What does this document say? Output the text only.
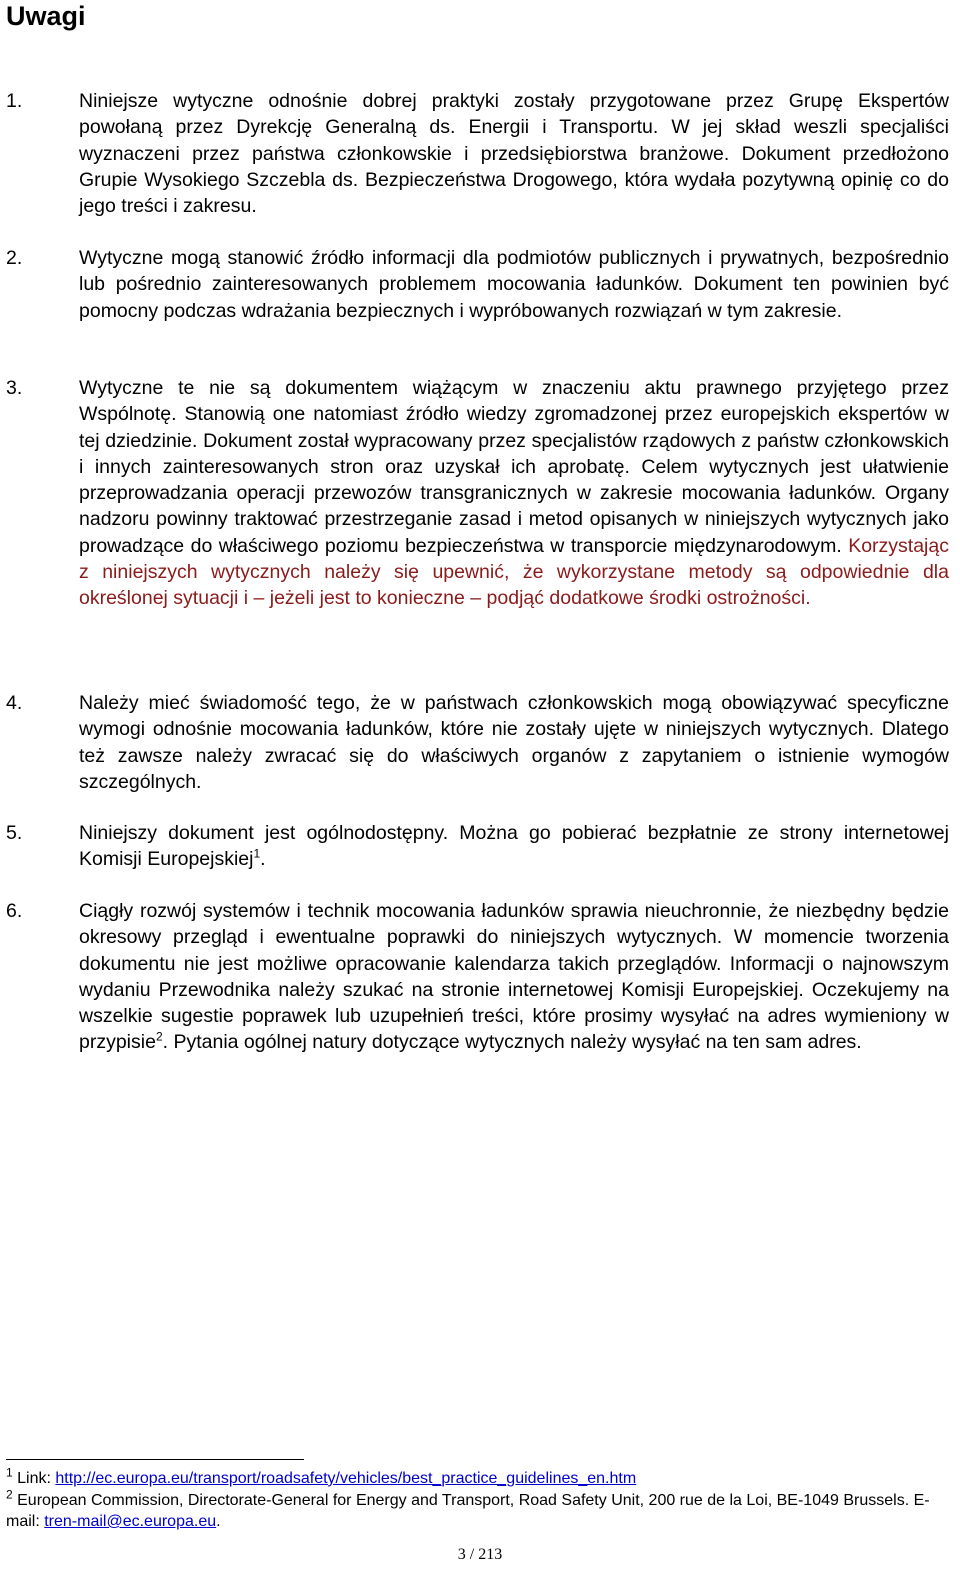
Uwagi
1.	Niniejsze wytyczne odnośnie dobrej praktyki zostały przygotowane przez Grupę Ekspertów powołaną przez Dyrekcję Generalną ds. Energii i Transportu. W jej skład weszli specjaliści wyznaczeni przez państwa członkowskie i przedsiębiorstwa branżowe. Dokument przedłożono Grupie Wysokiego Szczebla ds. Bezpieczeństwa Drogowego, która wydała pozytywną opinię co do jego treści i zakresu.
2.	Wytyczne mogą stanowić źródło informacji dla podmiotów publicznych i prywatnych, bezpośrednio lub pośrednio zainteresowanych problemem mocowania ładunków. Dokument ten powinien być pomocny podczas wdrażania bezpiecznych i wypróbowanych rozwiązań w tym zakresie.
3.	Wytyczne te nie są dokumentem wiążącym w znaczeniu aktu prawnego przyjętego przez Wspólnotę. Stanowią one natomiast źródło wiedzy zgromadzonej przez europejskich ekspertów w tej dziedzinie. Dokument został wypracowany przez specjalistów rządowych z państw członkowskich i innych zainteresowanych stron oraz uzyskał ich aprobatę. Celem wytycznych jest ułatwienie przeprowadzania operacji przewozów transgranicznych w zakresie mocowania ładunków. Organy nadzoru powinny traktować przestrzeganie zasad i metod opisanych w niniejszych wytycznych jako prowadzące do właściwego poziomu bezpieczeństwa w transporcie międzynarodowym. Korzystając z niniejszych wytycznych należy się upewnić, że wykorzystane metody są odpowiednie dla określonej sytuacji i – jeżeli jest to konieczne – podjąć dodatkowe środki ostrożności.
4.	Należy mieć świadomość tego, że w państwach członkowskich mogą obowiązywać specyficzne wymogi odnośnie mocowania ładunków, które nie zostały ujęte w niniejszych wytycznych. Dlatego też zawsze należy zwracać się do właściwych organów z zapytaniem o istnienie wymogów szczególnych.
5.	Niniejszy dokument jest ogólnodostępny. Można go pobierać bezpłatnie ze strony internetowej Komisji Europejskiej$^1$.
6.	Ciągły rozwój systemów i technik mocowania ładunków sprawia nieuchronnie, że niezbędny będzie okresowy przegląd i ewentualne poprawki do niniejszych wytycznych. W momencie tworzenia dokumentu nie jest możliwe opracowanie kalendarza takich przeglądów. Informacji o najnowszym wydaniu Przewodnika należy szukać na stronie internetowej Komisji Europejskiej. Oczekujemy na wszelkie sugestie poprawek lub uzupełnień treści, które prosimy wysyłać na adres wymieniony w przypisie$^2$. Pytania ogólnej natury dotyczące wytycznych należy wysyłać na ten sam adres.
$^1$ Link: http://ec.europa.eu/transport/roadsafety/vehicles/best_practice_guidelines_en.htm
$^2$ European Commission, Directorate-General for Energy and Transport, Road Safety Unit, 200 rue de la Loi, BE-1049 Brussels. E-mail: tren-mail@ec.europa.eu.
3 / 213
